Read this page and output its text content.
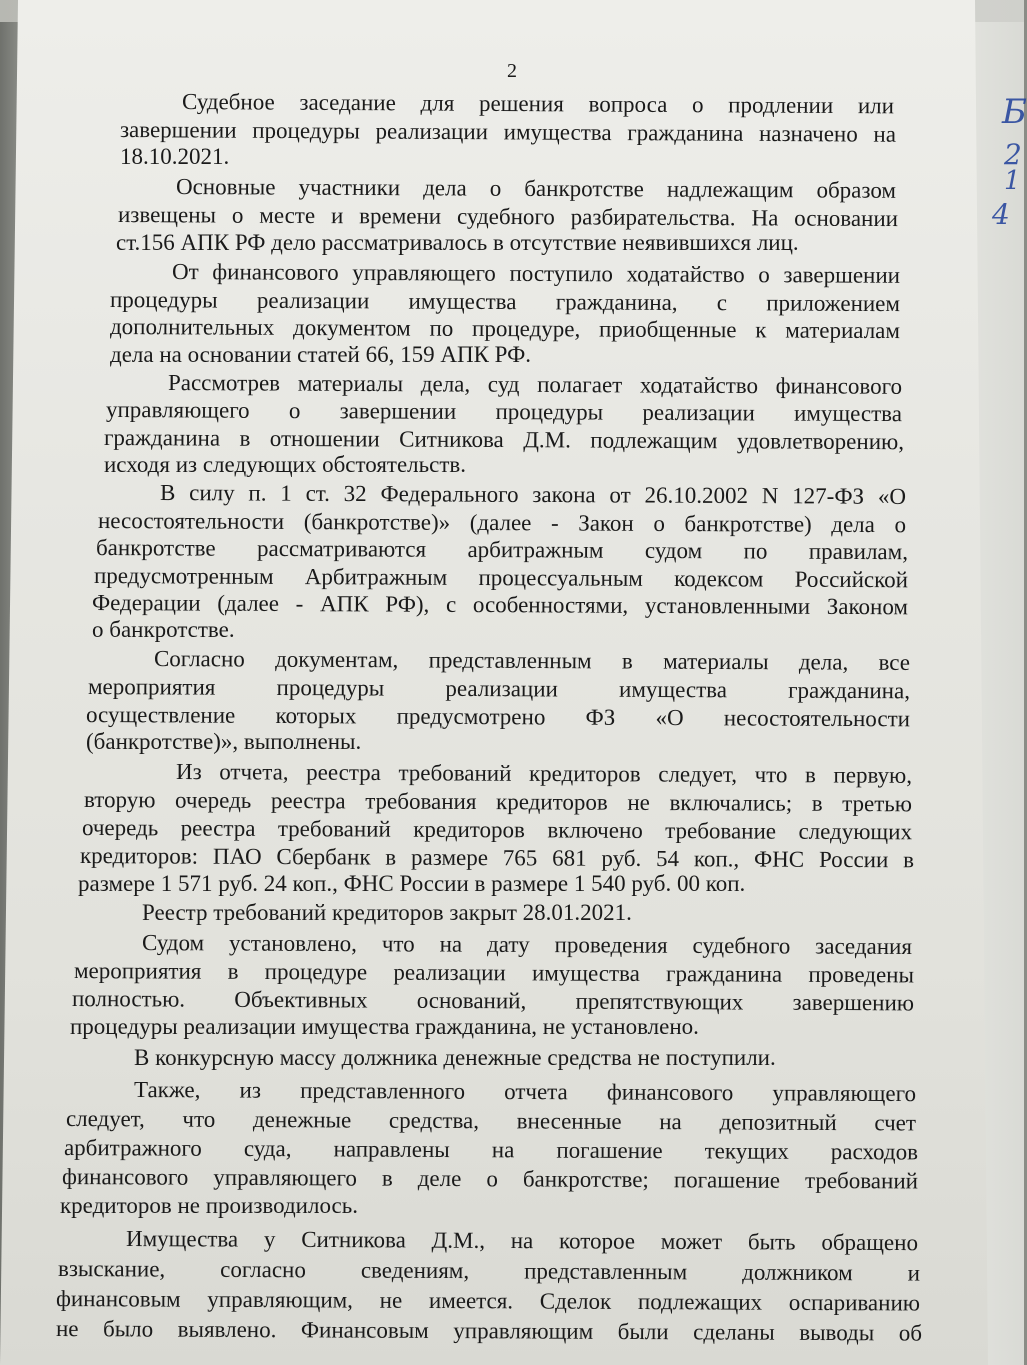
Б
2
1
4
2
Судебное заседание для решения вопроса о продлении или
завершении процедуры реализации имущества гражданина назначено на
18.10.2021.
Основные участники дела о банкротстве надлежащим образом
извещены о месте и времени судебного разбирательства. На основании
ст.156 АПК РФ дело рассматривалось в отсутствие неявившихся лиц.
От финансового управляющего поступило ходатайство о завершении
процедуры реализации имущества гражданина, с приложением
дополнительных документом по процедуре, приобщенные к материалам
дела на основании статей 66, 159 АПК РФ.
Рассмотрев материалы дела, суд полагает ходатайство финансового
управляющего о завершении процедуры реализации имущества
гражданина в отношении Ситникова Д.М. подлежащим удовлетворению,
исходя из следующих обстоятельств.
В силу п. 1 ст. 32 Федерального закона от 26.10.2002 N 127-ФЗ «О
несостоятельности (банкротстве)» (далее - Закон о банкротстве) дела о
банкротстве рассматриваются арбитражным судом по правилам,
предусмотренным Арбитражным процессуальным кодексом Российской
Федерации (далее - АПК РФ), с особенностями, установленными Законом
о банкротстве.
Согласно документам, представленным в материалы дела, все
мероприятия процедуры реализации имущества гражданина,
осуществление которых предусмотрено ФЗ «О несостоятельности
(банкротстве)», выполнены.
Из отчета, реестра требований кредиторов следует, что в первую,
вторую очередь реестра требования кредиторов не включались; в третью
очередь реестра требований кредиторов включено требование следующих
кредиторов: ПАО Сбербанк в размере 765 681 руб. 54 коп., ФНС России в
размере 1 571 руб. 24 коп., ФНС России в размере 1 540 руб. 00 коп.
Реестр требований кредиторов закрыт 28.01.2021.
Судом установлено, что на дату проведения судебного заседания
мероприятия в процедуре реализации имущества гражданина проведены
полностью. Объективных оснований, препятствующих завершению
процедуры реализации имущества гражданина, не установлено.
В конкурсную массу должника денежные средства не поступили.
Также, из представленного отчета финансового управляющего
следует, что денежные средства, внесенные на депозитный счет
арбитражного суда, направлены на погашение текущих расходов
финансового управляющего в деле о банкротстве; погашение требований
кредиторов не производилось.
Имущества у Ситникова Д.М., на которое может быть обращено
взыскание, согласно сведениям, представленным должником и
финансовым управляющим, не имеется. Сделок подлежащих оспариванию
не было выявлено. Финансовым управляющим были сделаны выводы об
